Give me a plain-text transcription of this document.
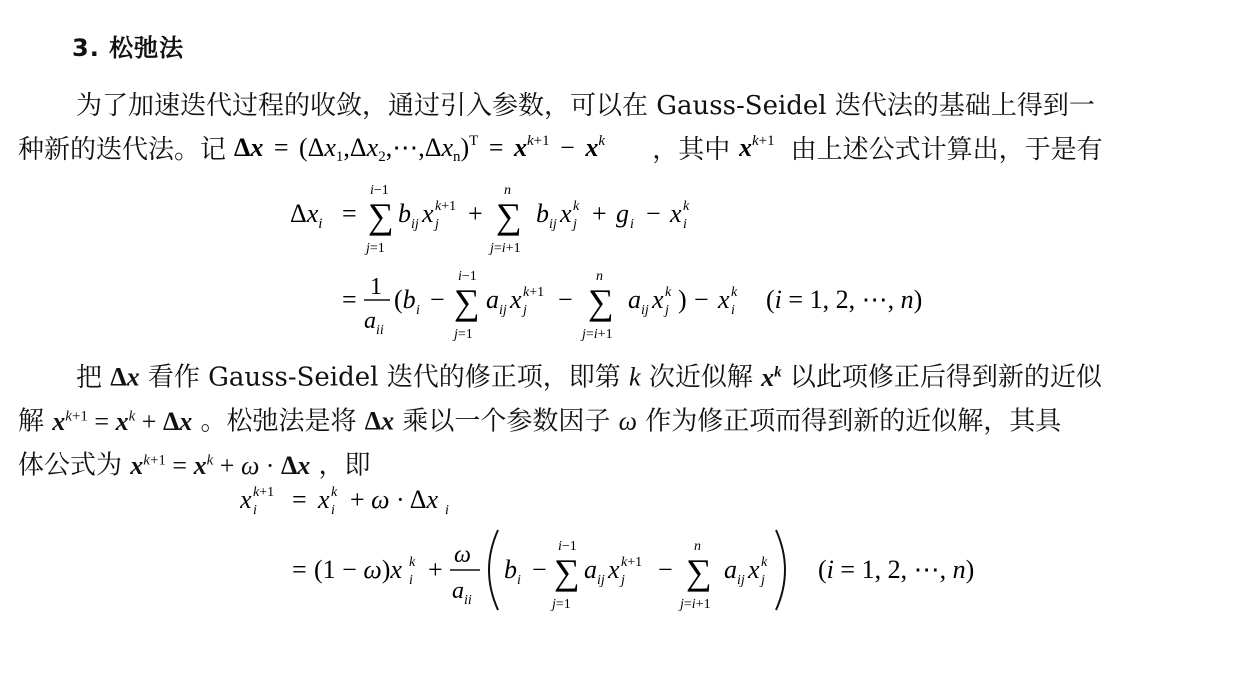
3. 松弛法
为了加速迭代过程的收敛，通过引入参数，可以在 Gauss-Seidel 迭代法的基础上得到一
种新的迭代法。记 Δx = (Δx1,Δx2,⋯,Δxn)$^T$ = $x^k+1 - x^k$ ，其中 $x^k+1$ 由上述公式计算出，于是有
$\Delta x_i$ = ∑
i−1
j=1
b ij x k+1
j + ∑
n
j=i+1
b ij x k
j + g i − x k
i
= 1
a ii
(b i − ∑
i−1
j=1
a ij x k+1
j − ∑
n
j=i+1
a ij x k
j ) − x k
i (i = 1, 2, ⋯, n)
把 Δx 看作 Gauss-Seidel 迭代的修正项，即第 k 次近似解 $x^k$ 以此项修正后得到新的近似
解 $x^{k+1} = x^k + \Delta x$ 。松弛法是将 Δx 乘以一个参数因子 ω 作为修正项而得到新的近似解，其具
体公式为 $x^{k+1} = x^k + \omega \cdot \Delta x$ ，即
x k+1
i = x k
i + ω · Δx i
= (1 − ω)x k
i + ω
a ii
b i − ∑
i−1
j=1
a ij x k+1
j − ∑
n
j=i+1
a ij x k
j (i = 1, 2, ⋯, n)
